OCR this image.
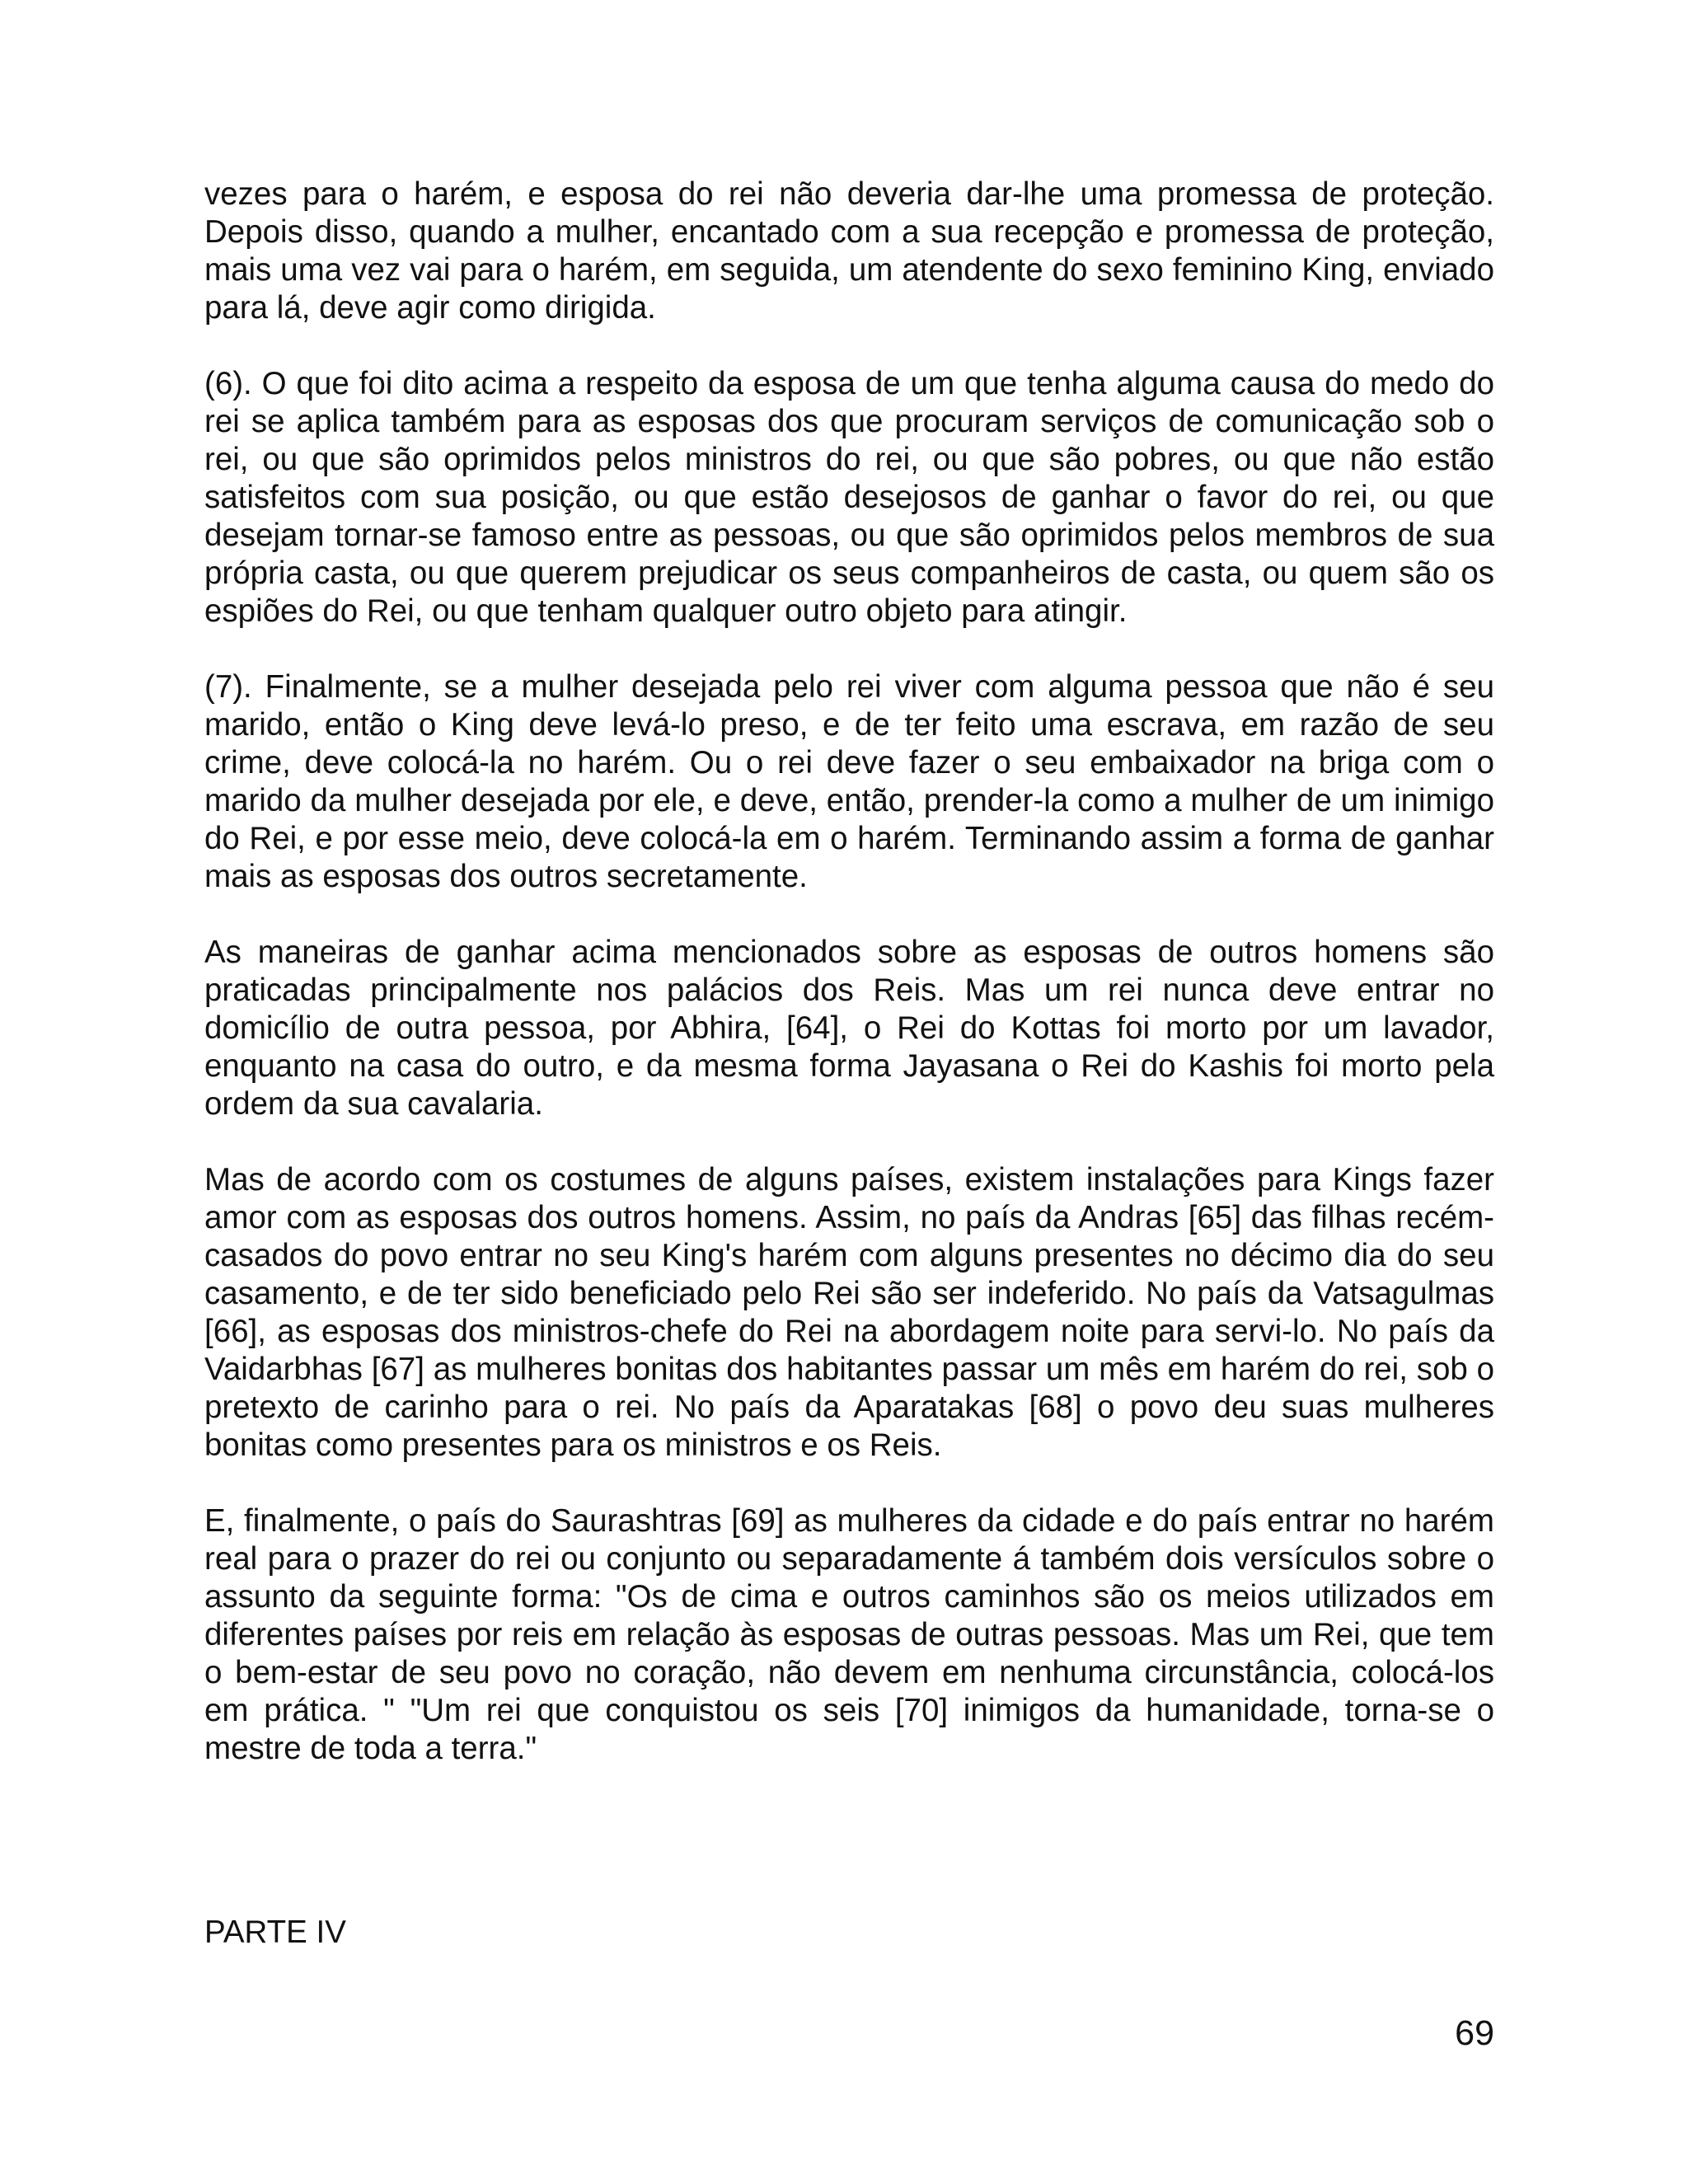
vezes para o harém, e esposa do rei não deveria dar-lhe uma promessa de proteção. Depois disso, quando a mulher, encantado com a sua recepção e promessa de proteção, mais uma vez vai para o harém, em seguida, um atendente do sexo feminino King, enviado para lá, deve agir como dirigida.

(6). O que foi dito acima a respeito da esposa de um que tenha alguma causa do medo do rei se aplica também para as esposas dos que procuram serviços de comunicação sob o rei, ou que são oprimidos pelos ministros do rei, ou que são pobres, ou que não estão satisfeitos com sua posição, ou que estão desejosos de ganhar o favor do rei, ou que desejam tornar-se famoso entre as pessoas, ou que são oprimidos pelos membros de sua própria casta, ou que querem prejudicar os seus companheiros de casta, ou quem são os espiões do Rei, ou que tenham qualquer outro objeto para atingir.

(7). Finalmente, se a mulher desejada pelo rei viver com alguma pessoa que não é seu marido, então o King deve levá-lo preso, e de ter feito uma escrava, em razão de seu crime, deve colocá-la no harém. Ou o rei deve fazer o seu embaixador na briga com o marido da mulher desejada por ele, e deve, então, prender-la como a mulher de um inimigo do Rei, e por esse meio, deve colocá-la em o harém. Terminando assim a forma de ganhar mais as esposas dos outros secretamente.

As maneiras de ganhar acima mencionados sobre as esposas de outros homens são praticadas principalmente nos palácios dos Reis. Mas um rei nunca deve entrar no domicílio de outra pessoa, por Abhira, [64], o Rei do Kottas foi morto por um lavador, enquanto na casa do outro, e da mesma forma Jayasana o Rei do Kashis foi morto pela ordem da sua cavalaria.

Mas de acordo com os costumes de alguns países, existem instalações para Kings fazer amor com as esposas dos outros homens. Assim, no país da Andras [65] das filhas recém-casados do povo entrar no seu King's harém com alguns presentes no décimo dia do seu casamento, e de ter sido beneficiado pelo Rei são ser indeferido. No país da Vatsagulmas [66], as esposas dos ministros-chefe do Rei na abordagem noite para servi-lo. No país da Vaidarbhas [67] as mulheres bonitas dos habitantes passar um mês em harém do rei, sob o pretexto de carinho para o rei. No país da Aparatakas [68] o povo deu suas mulheres bonitas como presentes para os ministros e os Reis.

E, finalmente, o país do Saurashtras [69] as mulheres da cidade e do país entrar no harém real para o prazer do rei ou conjunto ou separadamente á também dois versículos sobre o assunto da seguinte forma: "Os de cima e outros caminhos são os meios utilizados em diferentes países por reis em relação às esposas de outras pessoas. Mas um Rei, que tem o bem-estar de seu povo no coração, não devem em nenhuma circunstância, colocá-los em prática. " "Um rei que conquistou os seis [70] inimigos da humanidade, torna-se o mestre de toda a terra."

PARTE IV

69
